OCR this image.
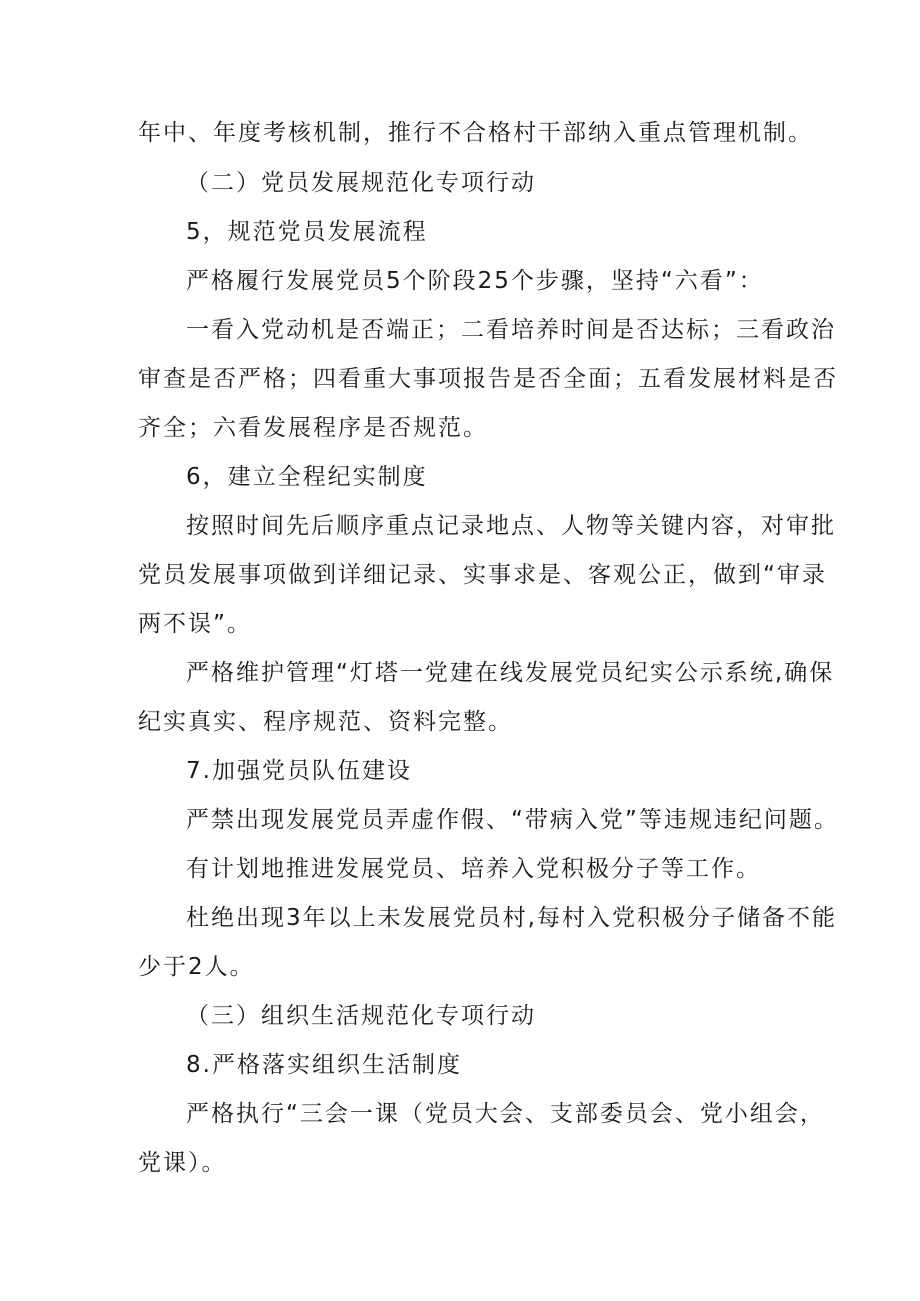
年中、年度考核机制，推行不合格村干部纳入重点管理机制。
（二）党员发展规范化专项行动
5，规范党员发展流程
严格履行发展党员5个阶段25个步骤，坚持“六看”：
一看入党动机是否端正；二看培养时间是否达标；三看政治
审查是否严格；四看重大事项报告是否全面；五看发展材料是否
齐全；六看发展程序是否规范。
6，建立全程纪实制度
按照时间先后顺序重点记录地点、人物等关键内容，对审批
党员发展事项做到详细记录、实事求是、客观公正，做到“审录
两不误”。
严格维护管理“灯塔一党建在线发展党员纪实公示系统,确保
纪实真实、程序规范、资料完整。
7.加强党员队伍建设
严禁出现发展党员弄虚作假、“带病入党”等违规违纪问题。
有计划地推进发展党员、培养入党积极分子等工作。
杜绝出现3年以上未发展党员村,每村入党积极分子储备不能
少于2人。
（三）组织生活规范化专项行动
8.严格落实组织生活制度
严格执行“三会一课（党员大会、支部委员会、党小组会，
党课）。
